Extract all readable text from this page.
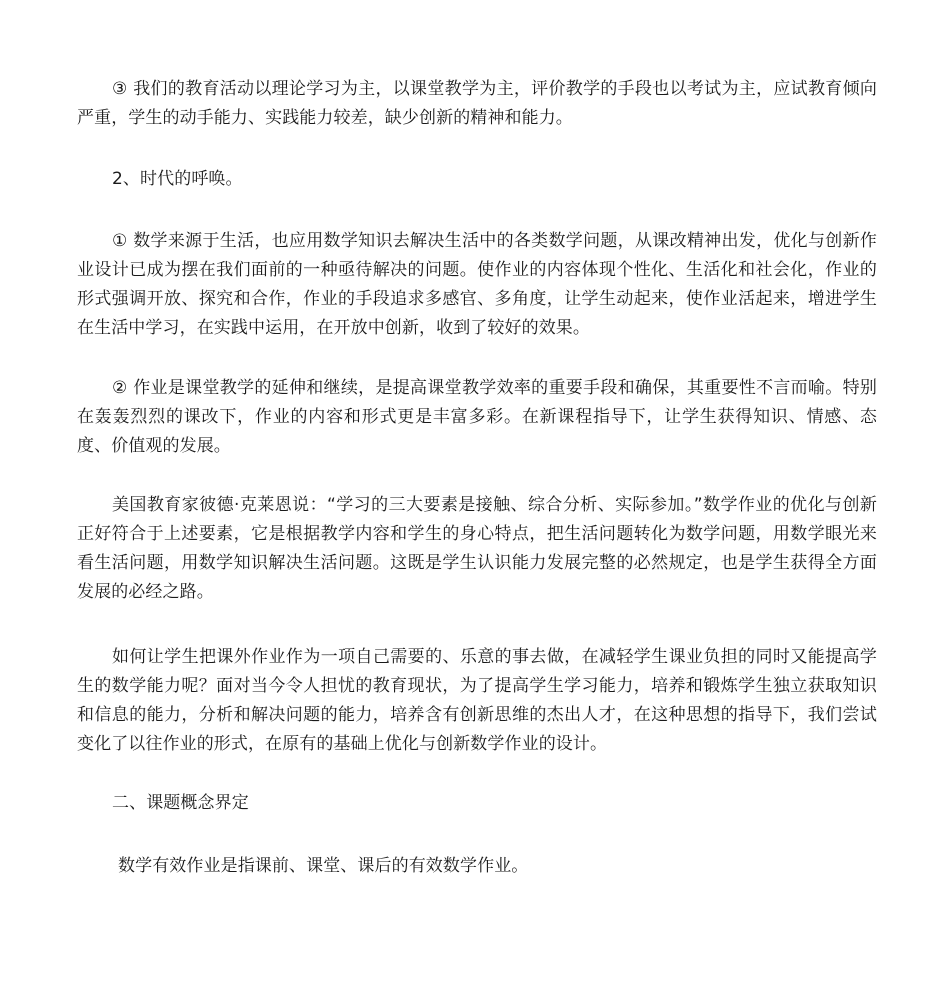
③ 我们的教育活动以理论学习为主，以课堂教学为主，评价教学的手段也以考试为主，应试教育倾向严重，学生的动手能力、实践能力较差，缺少创新的精神和能力。

2、时代的呼唤。

① 数学来源于生活，也应用数学知识去解决生活中的各类数学问题，从课改精神出发，优化与创新作业设计已成为摆在我们面前的一种亟待解决的问题。使作业的内容体现个性化、生活化和社会化，作业的形式强调开放、探究和合作，作业的手段追求多感官、多角度，让学生动起来，使作业活起来，增进学生在生活中学习，在实践中运用，在开放中创新，收到了较好的效果。

② 作业是课堂教学的延伸和继续，是提高课堂教学效率的重要手段和确保，其重要性不言而喻。特别在轰轰烈烈的课改下，作业的内容和形式更是丰富多彩。在新课程指导下，让学生获得知识、情感、态度、价值观的发展。

美国教育家彼德·克莱恩说：“学习的三大要素是接触、综合分析、实际参加。”数学作业的优化与创新正好符合于上述要素，它是根据教学内容和学生的身心特点，把生活问题转化为数学问题，用数学眼光来看生活问题，用数学知识解决生活问题。这既是学生认识能力发展完整的必然规定，也是学生获得全方面发展的必经之路。

如何让学生把课外作业作为一项自己需要的、乐意的事去做，在减轻学生课业负担的同时又能提高学生的数学能力呢？面对当今令人担忧的教育现状，为了提高学生学习能力，培养和锻炼学生独立获取知识和信息的能力，分析和解决问题的能力，培养含有创新思维的杰出人才，在这种思想的指导下，我们尝试变化了以往作业的形式，在原有的基础上优化与创新数学作业的设计。

二、课题概念界定

数学有效作业是指课前、课堂、课后的有效数学作业。
